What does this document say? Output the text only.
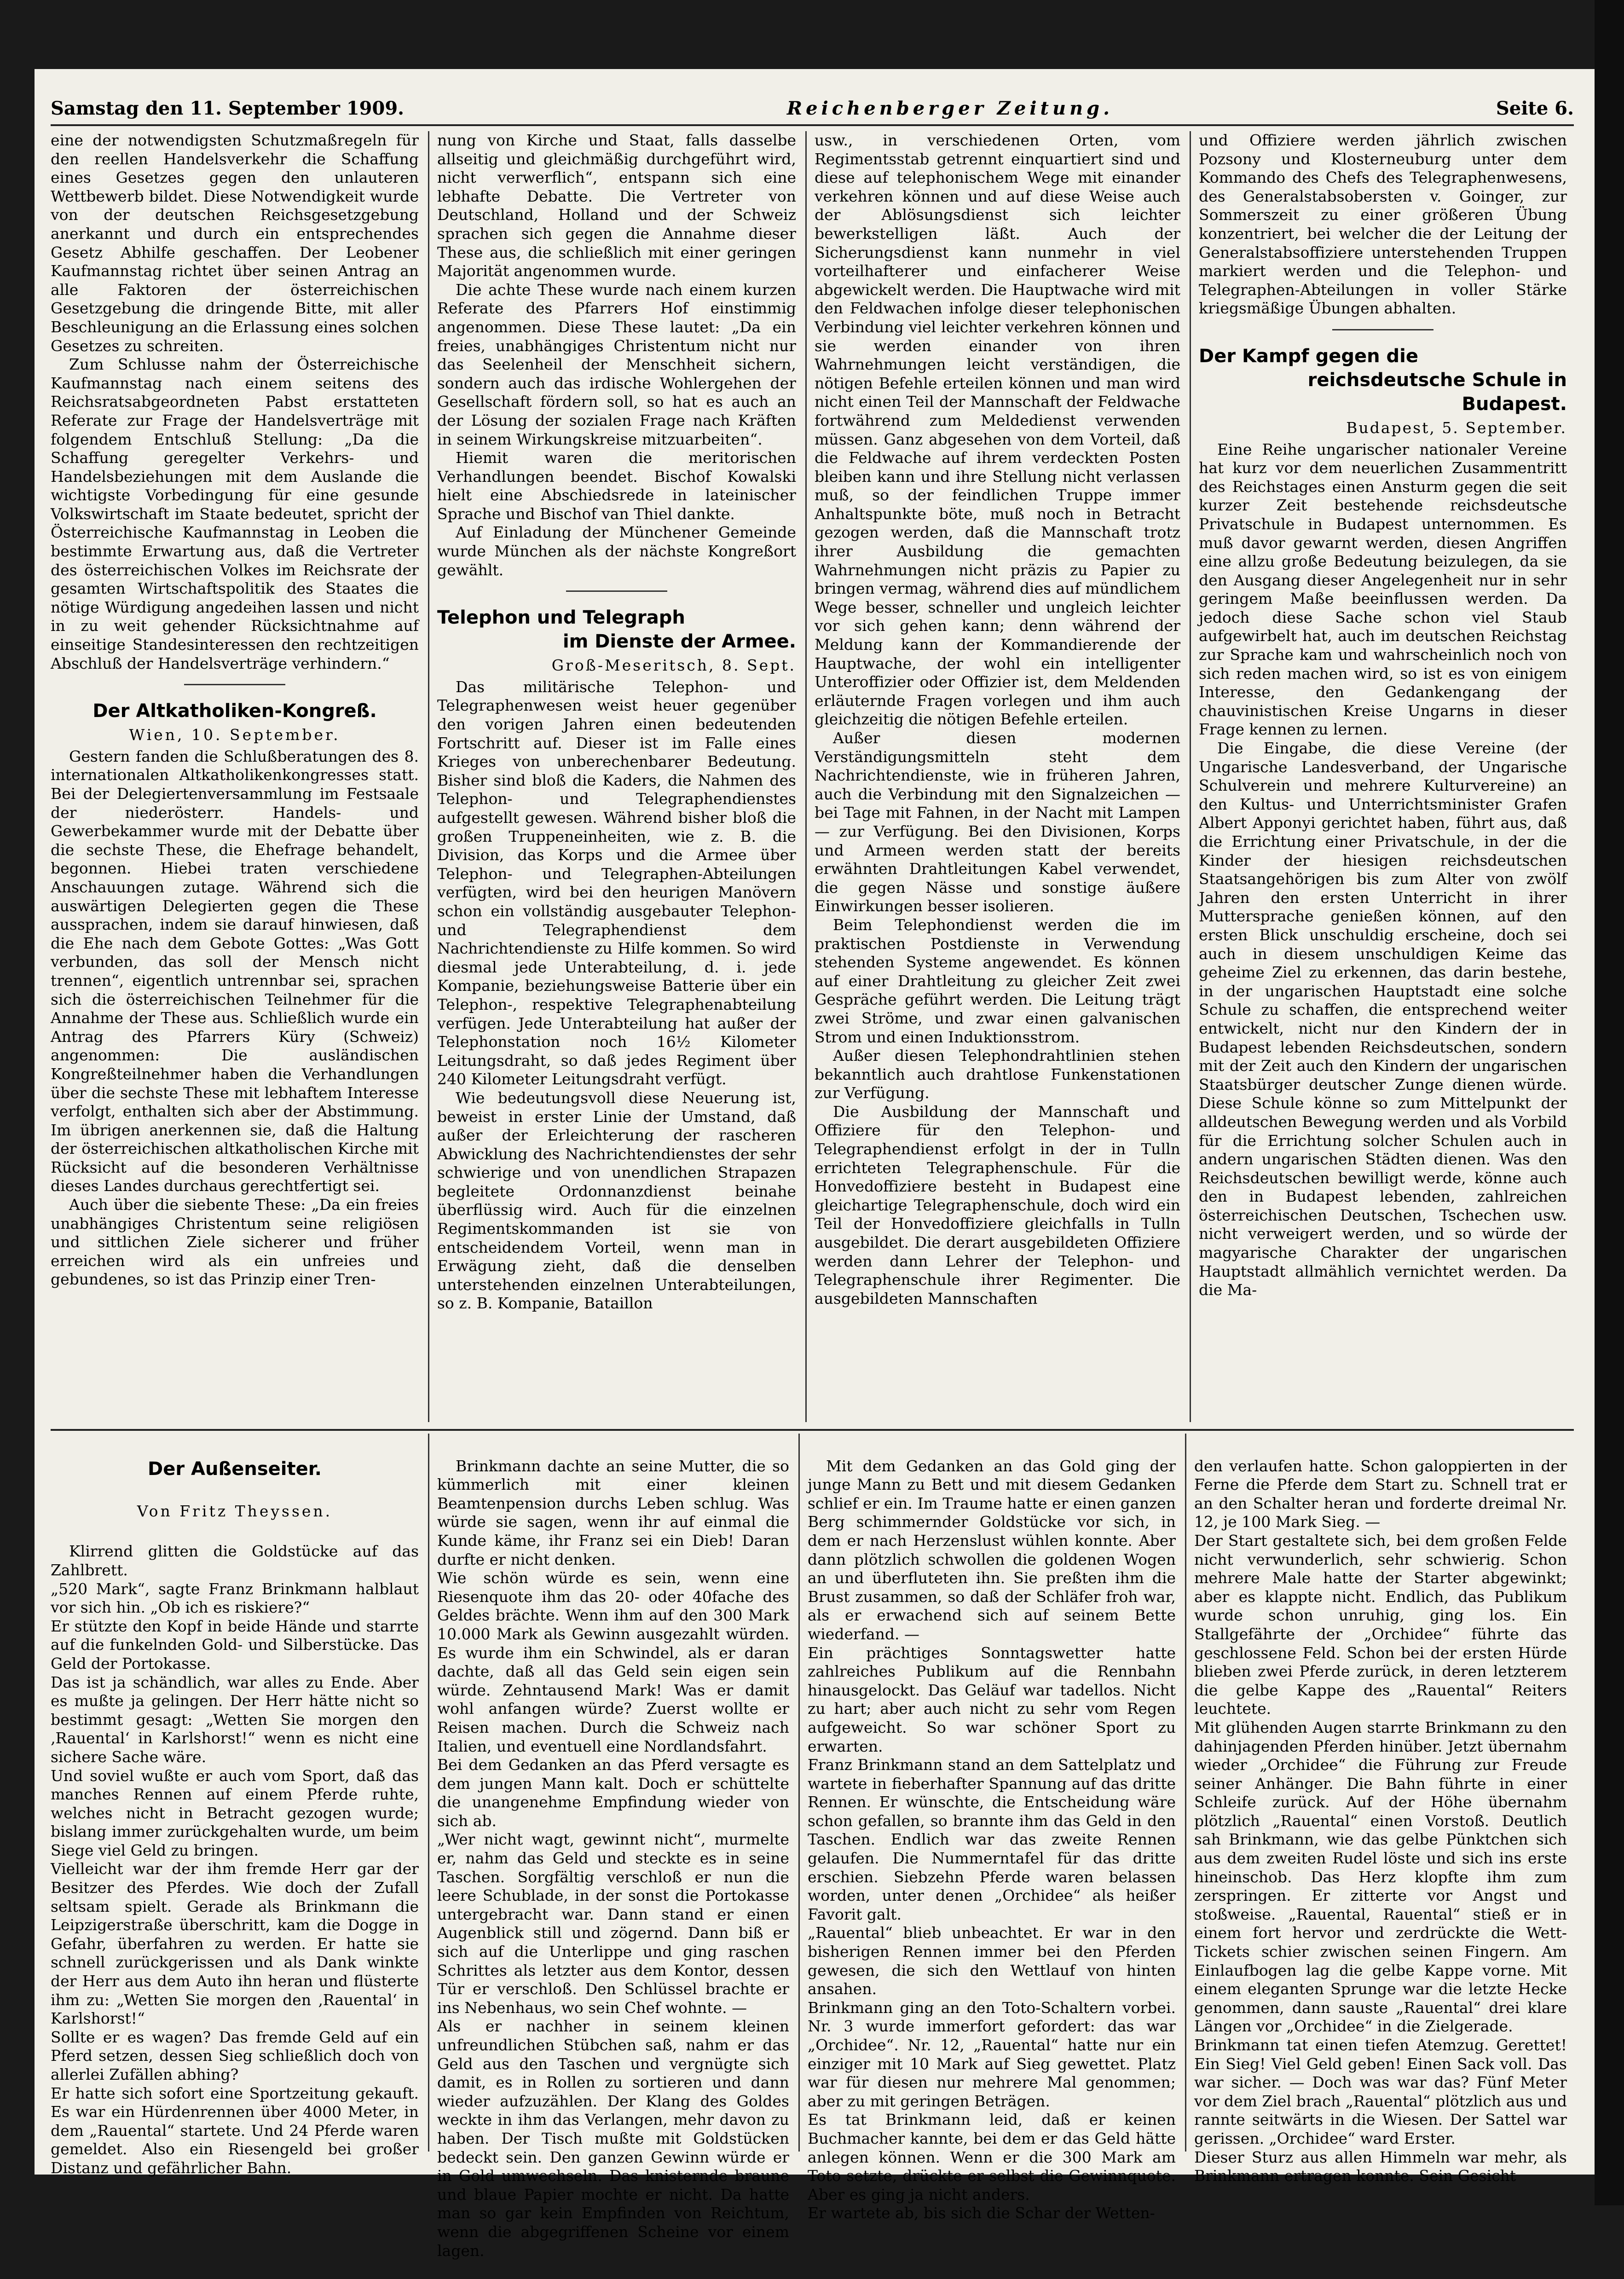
Samstag den 11. September 1909.	Reichenberger Zeitung.	Seite 6.

eine der notwendigsten Schutzmaßregeln für den reellen Handelsverkehr die Schaffung eines Gesetzes gegen den unlauteren Wettbewerb bildet. Diese Notwendigkeit wurde von der deutschen Reichsgesetzgebung anerkannt und durch ein entsprechendes Gesetz Abhilfe geschaffen. Der Leobener Kaufmannstag richtet über seinen Antrag an alle Faktoren der österreichischen Gesetzgebung die dringende Bitte, mit aller Beschleunigung an die Erlassung eines solchen Gesetzes zu schreiten.

Zum Schlusse nahm der Österreichische Kaufmannstag nach einem seitens des Reichsratsabgeordneten Pabst erstatteten Referate zur Frage der Handelsverträge mit folgendem Entschluß Stellung: „Da die Schaffung geregelter Verkehrs- und Handelsbeziehungen mit dem Auslande die wichtigste Vorbedingung für eine gesunde Volkswirtschaft im Staate bedeutet, spricht der Österreichische Kaufmannstag in Leoben die bestimmte Erwartung aus, daß die Vertreter des österreichischen Volkes im Reichsrate der gesamten Wirtschaftspolitik des Staates die nötige Würdigung angedeihen lassen und nicht in zu weit gehender Rücksichtnahme auf einseitige Standesinteressen den rechtzeitigen Abschluß der Handelsverträge verhindern.“

Der Altkatholiken-Kongreß.
Wien, 10. September.

Gestern fanden die Schlußberatungen des 8. internationalen Altkatholikenkongresses statt. Bei der Delegiertenversammlung im Festsaale der niederösterr. Handels- und Gewerbekammer wurde mit der Debatte über die sechste These, die Ehefrage behandelt, begonnen. Hiebei traten verschiedene Anschauungen zutage. Während sich die auswärtigen Delegierten gegen die These aussprachen, indem sie darauf hinwiesen, daß die Ehe nach dem Gebote Gottes: „Was Gott verbunden, das soll der Mensch nicht trennen“, eigentlich untrennbar sei, sprachen sich die österreichischen Teilnehmer für die Annahme der These aus. Schließlich wurde ein Antrag des Pfarrers Küry (Schweiz) angenommen: Die ausländischen Kongreßteilnehmer haben die Verhandlungen über die sechste These mit lebhaftem Interesse verfolgt, enthalten sich aber der Abstimmung. Im übrigen anerkennen sie, daß die Haltung der österreichischen altkatholischen Kirche mit Rücksicht auf die besonderen Verhältnisse dieses Landes durchaus gerechtfertigt sei.

Auch über die siebente These: „Da ein freies unabhängiges Christentum seine religiösen und sittlichen Ziele sicherer und früher erreichen wird als ein unfreies und gebundenes, so ist das Prinzip einer Tren-

nung von Kirche und Staat, falls dasselbe allseitig und gleichmäßig durchgeführt wird, nicht verwerflich“, entspann sich eine lebhafte Debatte. Die Vertreter von Deutschland, Holland und der Schweiz sprachen sich gegen die Annahme dieser These aus, die schließlich mit einer geringen Majorität angenommen wurde.

Die achte These wurde nach einem kurzen Referate des Pfarrers Hof einstimmig angenommen. Diese These lautet: „Da ein freies, unabhängiges Christentum nicht nur das Seelenheil der Menschheit sichern, sondern auch das irdische Wohlergehen der Gesellschaft fördern soll, so hat es auch an der Lösung der sozialen Frage nach Kräften in seinem Wirkungskreise mitzuarbeiten“.

Hiemit waren die meritorischen Verhandlungen beendet. Bischof Kowalski hielt eine Abschiedsrede in lateinischer Sprache und Bischof van Thiel dankte.

Auf Einladung der Münchener Gemeinde wurde München als der nächste Kongreßort gewählt.

Telephon und Telegraph
im Dienste der Armee.
Groß-Meseritsch, 8. Sept.

Das militärische Telephon- und Telegraphenwesen weist heuer gegenüber den vorigen Jahren einen bedeutenden Fortschritt auf. Dieser ist im Falle eines Krieges von unberechenbarer Bedeutung. Bisher sind bloß die Kaders, die Nahmen des Telephon- und Telegraphendienstes aufgestellt gewesen. Während bisher bloß die großen Truppeneinheiten, wie z. B. die Division, das Korps und die Armee über Telephon- und Telegraphen-Abteilungen verfügten, wird bei den heurigen Manövern schon ein vollständig ausgebauter Telephon- und Telegraphendienst dem Nachrichtendienste zu Hilfe kommen. So wird diesmal jede Unterabteilung, d. i. jede Kompanie, beziehungsweise Batterie über ein Telephon-, respektive Telegraphenabteilung verfügen. Jede Unterabteilung hat außer der Telephonstation noch 16½ Kilometer Leitungsdraht, so daß jedes Regiment über 240 Kilometer Leitungsdraht verfügt.

Wie bedeutungsvoll diese Neuerung ist, beweist in erster Linie der Umstand, daß außer der Erleichterung der rascheren Abwicklung des Nachrichtendienstes der sehr schwierige und von unendlichen Strapazen begleitete Ordonnanzdienst beinahe überflüssig wird. Auch für die einzelnen Regimentskommanden ist sie von entscheidendem Vorteil, wenn man in Erwägung zieht, daß die denselben unterstehenden einzelnen Unterabteilungen, so z. B. Kompanie, Bataillon

usw., in verschiedenen Orten, vom Regimentsstab getrennt einquartiert sind und diese auf telephonischem Wege mit einander verkehren können und auf diese Weise auch der Ablösungsdienst sich leichter bewerkstelligen läßt. Auch der Sicherungsdienst kann nunmehr in viel vorteilhafterer und einfacherer Weise abgewickelt werden. Die Hauptwache wird mit den Feldwachen infolge dieser telephonischen Verbindung viel leichter verkehren können und sie werden einander von ihren Wahrnehmungen leicht verständigen, die nötigen Befehle erteilen können und man wird nicht einen Teil der Mannschaft der Feldwache fortwährend zum Meldedienst verwenden müssen. Ganz abgesehen von dem Vorteil, daß die Feldwache auf ihrem verdeckten Posten bleiben kann und ihre Stellung nicht verlassen muß, so der feindlichen Truppe immer Anhaltspunkte böte, muß noch in Betracht gezogen werden, daß die Mannschaft trotz ihrer Ausbildung die gemachten Wahrnehmungen nicht präzis zu Papier zu bringen vermag, während dies auf mündlichem Wege besser, schneller und ungleich leichter vor sich gehen kann; denn während der Meldung kann der Kommandierende der Hauptwache, der wohl ein intelligenter Unteroffizier oder Offizier ist, dem Meldenden erläuternde Fragen vorlegen und ihm auch gleichzeitig die nötigen Befehle erteilen.

Außer diesen modernen Verständigungsmitteln steht dem Nachrichtendienste, wie in früheren Jahren, auch die Verbindung mit den Signalzeichen — bei Tage mit Fahnen, in der Nacht mit Lampen — zur Verfügung. Bei den Divisionen, Korps und Armeen werden statt der bereits erwähnten Drahtleitungen Kabel verwendet, die gegen Nässe und sonstige äußere Einwirkungen besser isolieren.

Beim Telephondienst werden die im praktischen Postdienste in Verwendung stehenden Systeme angewendet. Es können auf einer Drahtleitung zu gleicher Zeit zwei Gespräche geführt werden. Die Leitung trägt zwei Ströme, und zwar einen galvanischen Strom und einen Induktionsstrom.

Außer diesen Telephondrahtlinien stehen bekanntlich auch drahtlose Funkenstationen zur Verfügung.

Die Ausbildung der Mannschaft und Offiziere für den Telephon- und Telegraphendienst erfolgt in der in Tulln errichteten Telegraphenschule. Für die Honvedoffiziere besteht in Budapest eine gleichartige Telegraphenschule, doch wird ein Teil der Honvedoffiziere gleichfalls in Tulln ausgebildet. Die derart ausgebildeten Offiziere werden dann Lehrer der Telephon- und Telegraphenschule ihrer Regimenter. Die ausgebildeten Mannschaften

und Offiziere werden jährlich zwischen Pozsony und Klosterneuburg unter dem Kommando des Chefs des Telegraphenwesens, des Generalstabsobersten v. Goinger, zur Sommerszeit zu einer größeren Übung konzentriert, bei welcher die der Leitung der Generalstabsoffiziere unterstehenden Truppen markiert werden und die Telephon- und Telegraphen-Abteilungen in voller Stärke kriegsmäßige Übungen abhalten.

Der Kampf gegen die
reichsdeutsche Schule in Budapest.
Budapest, 5. September.

Eine Reihe ungarischer nationaler Vereine hat kurz vor dem neuerlichen Zusammentritt des Reichstages einen Ansturm gegen die seit kurzer Zeit bestehende reichsdeutsche Privatschule in Budapest unternommen. Es muß davor gewarnt werden, diesen Angriffen eine allzu große Bedeutung beizulegen, da sie den Ausgang dieser Angelegenheit nur in sehr geringem Maße beeinflussen werden. Da jedoch diese Sache schon viel Staub aufgewirbelt hat, auch im deutschen Reichstag zur Sprache kam und wahrscheinlich noch von sich reden machen wird, so ist es von einigem Interesse, den Gedankengang der chauvinistischen Kreise Ungarns in dieser Frage kennen zu lernen.

Die Eingabe, die diese Vereine (der Ungarische Landesverband, der Ungarische Schulverein und mehrere Kulturvereine) an den Kultus- und Unterrichtsminister Grafen Albert Apponyi gerichtet haben, führt aus, daß die Errichtung einer Privatschule, in der die Kinder der hiesigen reichsdeutschen Staatsangehörigen bis zum Alter von zwölf Jahren den ersten Unterricht in ihrer Muttersprache genießen können, auf den ersten Blick unschuldig erscheine, doch sei auch in diesem unschuldigen Keime das geheime Ziel zu erkennen, das darin bestehe, in der ungarischen Hauptstadt eine solche Schule zu schaffen, die entsprechend weiter entwickelt, nicht nur den Kindern der in Budapest lebenden Reichsdeutschen, sondern mit der Zeit auch den Kindern der ungarischen Staatsbürger deutscher Zunge dienen würde. Diese Schule könne so zum Mittelpunkt der alldeutschen Bewegung werden und als Vorbild für die Errichtung solcher Schulen auch in andern ungarischen Städten dienen. Was den Reichsdeutschen bewilligt werde, könne auch den in Budapest lebenden, zahlreichen österreichischen Deutschen, Tschechen usw. nicht verweigert werden, und so würde der magyarische Charakter der ungarischen Hauptstadt allmählich vernichtet werden. Da die Ma-

Der Außenseiter.

Von Fritz Theyssen.

Klirrend glitten die Goldstücke auf das Zahlbrett.
„520 Mark“, sagte Franz Brinkmann halblaut vor sich hin. „Ob ich es riskiere?“
Er stützte den Kopf in beide Hände und starrte auf die funkelnden Gold- und Silberstücke. Das Geld der Portokasse.
Das ist ja schändlich, war alles zu Ende. Aber es mußte ja gelingen. Der Herr hätte nicht so bestimmt gesagt: „Wetten Sie morgen den ‚Rauental‘ in Karlshorst!“ wenn es nicht eine sichere Sache wäre.
Und soviel wußte er auch vom Sport, daß das manches Rennen auf einem Pferde ruhte, welches nicht in Betracht gezogen wurde; bislang immer zurückgehalten wurde, um beim Siege viel Geld zu bringen.
Vielleicht war der ihm fremde Herr gar der Besitzer des Pferdes. Wie doch der Zufall seltsam spielt. Gerade als Brinkmann die Leipzigerstraße überschritt, kam die Dogge in Gefahr, überfahren zu werden. Er hatte sie schnell zurückgerissen und als Dank winkte der Herr aus dem Auto ihn heran und flüsterte ihm zu: „Wetten Sie morgen den ‚Rauental‘ in Karlshorst!“
Sollte er es wagen? Das fremde Geld auf ein Pferd setzen, dessen Sieg schließlich doch von allerlei Zufällen abhing?
Er hatte sich sofort eine Sportzeitung gekauft. Es war ein Hürdenrennen über 4000 Meter, in dem „Rauental“ startete. Und 24 Pferde waren gemeldet. Also ein Riesengeld bei großer Distanz und gefährlicher Bahn.

Brinkmann dachte an seine Mutter, die so kümmerlich mit einer kleinen Beamtenpension durchs Leben schlug. Was würde sie sagen, wenn ihr auf einmal die Kunde käme, ihr Franz sei ein Dieb! Daran durfte er nicht denken.
Wie schön würde es sein, wenn eine Riesenquote ihm das 20- oder 40fache des Geldes brächte. Wenn ihm auf den 300 Mark 10.000 Mark als Gewinn ausgezahlt würden. Es wurde ihm ein Schwindel, als er daran dachte, daß all das Geld sein eigen sein würde. Zehntausend Mark! Was er damit wohl anfangen würde? Zuerst wollte er Reisen machen. Durch die Schweiz nach Italien, und eventuell eine Nordlandsfahrt.
Bei dem Gedanken an das Pferd versagte es dem jungen Mann kalt. Doch er schüttelte die unangenehme Empfindung wieder von sich ab.
„Wer nicht wagt, gewinnt nicht“, murmelte er, nahm das Geld und steckte es in seine Taschen. Sorgfältig verschloß er nun die leere Schublade, in der sonst die Portokasse untergebracht war. Dann stand er einen Augenblick still und zögernd. Dann biß er sich auf die Unterlippe und ging raschen Schrittes als letzter aus dem Kontor, dessen Tür er verschloß. Den Schlüssel brachte er ins Nebenhaus, wo sein Chef wohnte. —
Als er nachher in seinem kleinen unfreundlichen Stübchen saß, nahm er das Geld aus den Taschen und vergnügte sich damit, es in Rollen zu sortieren und dann wieder aufzuzählen. Der Klang des Goldes weckte in ihm das Verlangen, mehr davon zu haben. Der Tisch mußte mit Goldstücken bedeckt sein. Den ganzen Gewinn würde er in Gold umwechseln. Das knisternde braune und blaue Papier mochte er nicht. Da hatte man so gar kein Empfinden von Reichtum, wenn die abgegriffenen Scheine vor einem lagen.

Mit dem Gedanken an das Gold ging der junge Mann zu Bett und mit diesem Gedanken schlief er ein. Im Traume hatte er einen ganzen Berg schimmernder Goldstücke vor sich, in dem er nach Herzenslust wühlen konnte. Aber dann plötzlich schwollen die goldenen Wogen an und überfluteten ihn. Sie preßten ihm die Brust zusammen, so daß der Schläfer froh war, als er erwachend sich auf seinem Bette wiederfand. —
Ein prächtiges Sonntagswetter hatte zahlreiches Publikum auf die Rennbahn hinausgelockt. Das Geläuf war tadellos. Nicht zu hart; aber auch nicht zu sehr vom Regen aufgeweicht. So war schöner Sport zu erwarten.
Franz Brinkmann stand an dem Sattelplatz und wartete in fieberhafter Spannung auf das dritte Rennen. Er wünschte, die Entscheidung wäre schon gefallen, so brannte ihm das Geld in den Taschen. Endlich war das zweite Rennen gelaufen. Die Nummerntafel für das dritte erschien. Siebzehn Pferde waren belassen worden, unter denen „Orchidee“ als heißer Favorit galt.
„Rauental“ blieb unbeachtet. Er war in den bisherigen Rennen immer bei den Pferden gewesen, die sich den Wettlauf von hinten ansahen.
Brinkmann ging an den Toto-Schaltern vorbei. Nr. 3 wurde immerfort gefordert: das war „Orchidee“. Nr. 12, „Rauental“ hatte nur ein einziger mit 10 Mark auf Sieg gewettet. Platz war für diesen nur mehrere Mal genommen; aber zu mit geringen Beträgen.
Es tat Brinkmann leid, daß er keinen Buchmacher kannte, bei dem er das Geld hätte anlegen können. Wenn er die 300 Mark am Toto setzte, drückte er selbst die Gewinnquote. Aber es ging ja nicht anders.
Er wartete ab, bis sich die Schar der Wetten-

den verlaufen hatte. Schon galoppierten in der Ferne die Pferde dem Start zu. Schnell trat er an den Schalter heran und forderte dreimal Nr. 12, je 100 Mark Sieg. —
Der Start gestaltete sich, bei dem großen Felde nicht verwunderlich, sehr schwierig. Schon mehrere Male hatte der Starter abgewinkt; aber es klappte nicht. Endlich, das Publikum wurde schon unruhig, ging los. Ein Stallgefährte der „Orchidee“ führte das geschlossene Feld. Schon bei der ersten Hürde blieben zwei Pferde zurück, in deren letzterem die gelbe Kappe des „Rauental“ Reiters leuchtete.
Mit glühenden Augen starrte Brinkmann zu den dahinjagenden Pferden hinüber. Jetzt übernahm wieder „Orchidee“ die Führung zur Freude seiner Anhänger. Die Bahn führte in einer Schleife zurück. Auf der Höhe übernahm plötzlich „Rauental“ einen Vorstoß. Deutlich sah Brinkmann, wie das gelbe Pünktchen sich aus dem zweiten Rudel löste und sich ins erste hineinschob. Das Herz klopfte ihm zum zerspringen. Er zitterte vor Angst und stoßweise. „Rauental, Rauental“ stieß er in einem fort hervor und zerdrückte die Wett-Tickets schier zwischen seinen Fingern. Am Einlaufbogen lag die gelbe Kappe vorne. Mit einem eleganten Sprunge war die letzte Hecke genommen, dann sauste „Rauental“ drei klare Längen vor „Orchidee“ in die Zielgerade.
Brinkmann tat einen tiefen Atemzug. Gerettet! Ein Sieg! Viel Geld geben! Einen Sack voll. Das war sicher. — Doch was war das? Fünf Meter vor dem Ziel brach „Rauental“ plötzlich aus und rannte seitwärts in die Wiesen. Der Sattel war gerissen. „Orchidee“ ward Erster.
Dieser Sturz aus allen Himmeln war mehr, als Brinkmann ertragen konnte. Sein Gesicht
